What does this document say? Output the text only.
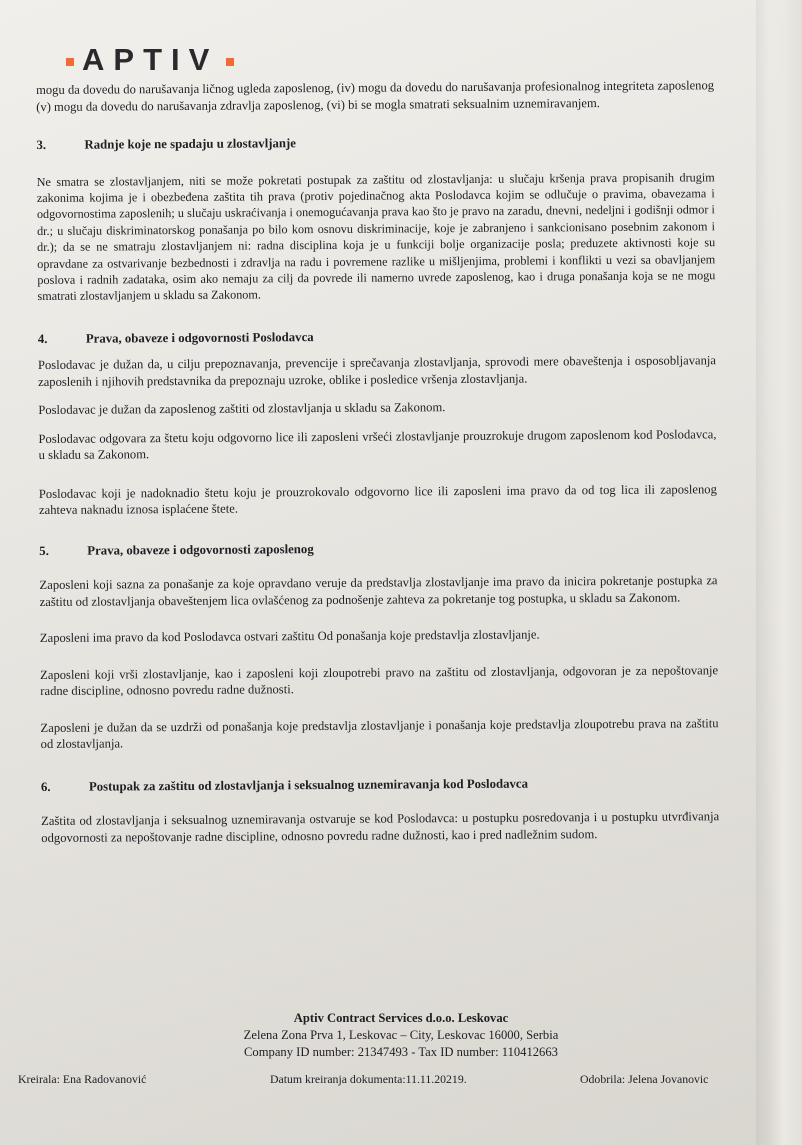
APTIV

mogu da dovedu do narušavanja ličnog ugleda zaposlenog, (iv) mogu da dovedu do narušavanja profesionalnog integriteta zaposlenog (v) mogu da dovedu do narušavanja zdravlja zaposlenog, (vi) bi se mogla smatrati seksualnim uznemiravanjem.

3.	Radnje koje ne spadaju u zlostavljanje

Ne smatra se zlostavljanjem, niti se može pokretati postupak za zaštitu od zlostavljanja: u slučaju kršenja prava propisanih drugim zakonima kojima je i obezbeđena zaštita tih prava (protiv pojedinačnog akta Poslodavca kojim se odlučuje o pravima, obavezama i odgovornostima zaposlenih; u slučaju uskraćivanja i onemogućavanja prava kao što je pravo na zaradu, dnevni, nedeljni i godišnji odmor i dr.; u slučaju diskriminatorskog ponašanja po bilo kom osnovu diskriminacije, koje je zabranjeno i sankcionisano posebnim zakonom i dr.); da se ne smatraju zlostavljanjem ni: radna disciplina koja je u funkciji bolje organizacije posla; preduzete aktivnosti koje su opravdane za ostvarivanje bezbednosti i zdravlja na radu i povremene razlike u mišljenjima, problemi i konflikti u vezi sa obavljanjem poslova i radnih zadataka, osim ako nemaju za cilj da povrede ili namerno uvrede zaposlenog, kao i druga ponašanja koja se ne mogu smatrati zlostavljanjem u skladu sa Zakonom.

4.	Prava, obaveze i odgovornosti Poslodavca

Poslodavac je dužan da, u cilju prepoznavanja, prevencije i sprečavanja zlostavljanja, sprovodi mere obaveštenja i osposobljavanja zaposlenih i njihovih predstavnika da prepoznaju uzroke, oblike i posledice vršenja zlostavljanja.

Poslodavac je dužan da zaposlenog zaštiti od zlostavljanja u skladu sa Zakonom.

Poslodavac odgovara za štetu koju odgovorno lice ili zaposleni vršeći zlostavljanje prouzrokuje drugom zaposlenom kod Poslodavca, u skladu sa Zakonom.

Poslodavac koji je nadoknadio štetu koju je prouzrokovalo odgovorno lice ili zaposleni ima pravo da od tog lica ili zaposlenog zahteva naknadu iznosa isplaćene štete.

5.	Prava, obaveze i odgovornosti zaposlenog

Zaposleni koji sazna za ponašanje za koje opravdano veruje da predstavlja zlostavljanje ima pravo da inicira pokretanje postupka za zaštitu od zlostavljanja obaveštenjem lica ovlašćenog za podnošenje zahteva za pokretanje tog postupka, u skladu sa Zakonom.

Zaposleni ima pravo da kod Poslodavca ostvari zaštitu Od ponašanja koje predstavlja zlostavljanje.

Zaposleni koji vrši zlostavljanje, kao i zaposleni koji zloupotrebi pravo na zaštitu od zlostavljanja, odgovoran je za nepoštovanje radne discipline, odnosno povredu radne dužnosti.

Zaposleni je dužan da se uzdrži od ponašanja koje predstavlja zlostavljanje i ponašanja koje predstavlja zloupotrebu prava na zaštitu od zlostavljanja.

6.	Postupak za zaštitu od zlostavljanja i seksualnog uznemiravanja kod Poslodavca

Zaštita od zlostavljanja i seksualnog uznemiravanja ostvaruje se kod Poslodavca: u postupku posredovanja i u postupku utvrđivanja odgovornosti za nepoštovanje radne discipline, odnosno povredu radne dužnosti, kao i pred nadležnim sudom.

Aptiv Contract Services d.o.o. Leskovac
Zelena Zona Prva 1, Leskovac – City, Leskovac 16000, Serbia
Company ID number: 21347493 - Tax ID number: 110412663
Kreirala: Ena Radovanović	Datum kreiranja dokumenta:11.11.20219.	Odobrila: Jelena Jovanovic
